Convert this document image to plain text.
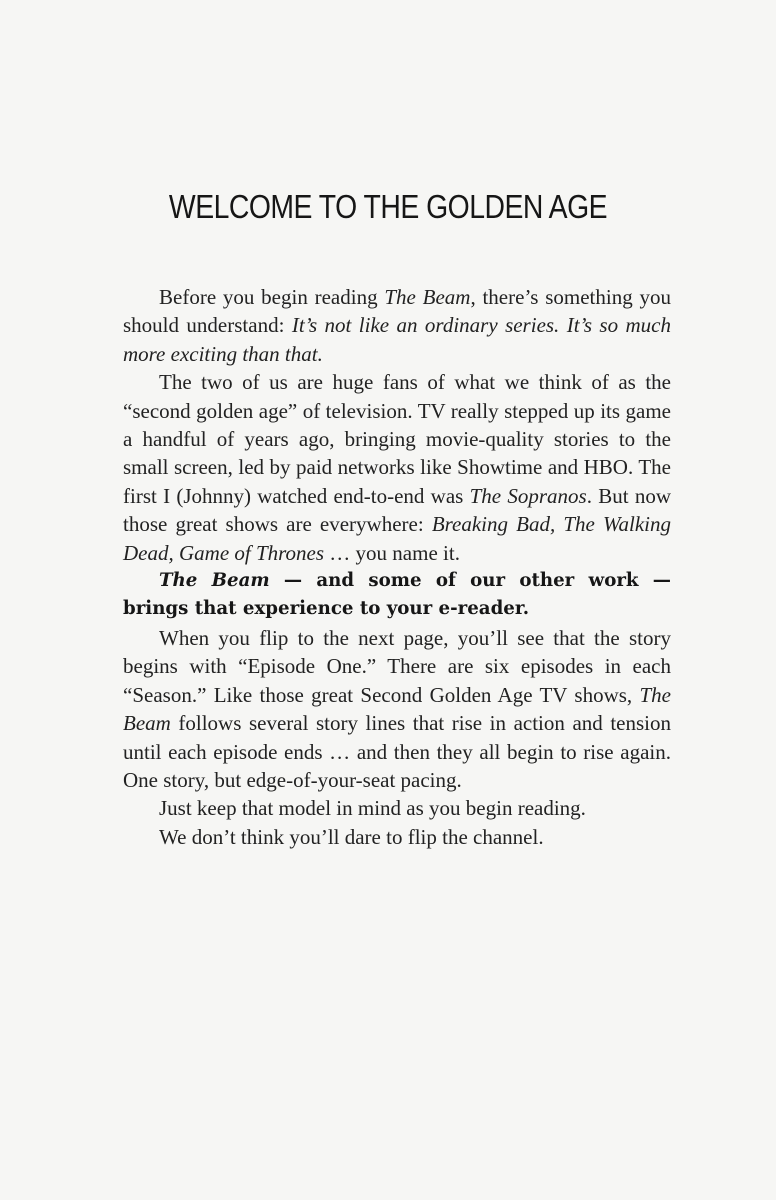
WELCOME TO THE GOLDEN AGE

Before you begin reading The Beam, there’s something you should understand: It’s not like an ordinary series. It’s so much more exciting than that.

The two of us are huge fans of what we think of as the “second golden age” of television. TV really stepped up its game a handful of years ago, bringing movie-quality stories to the small screen, led by paid networks like Showtime and HBO. The first I (Johnny) watched end-to-end was The Sopranos. But now those great shows are everywhere: Breaking Bad, The Walking Dead, Game of Thrones … you name it.

The Beam — and some of our other work — brings that experience to your e-reader.

When you flip to the next page, you’ll see that the story begins with “Episode One.” There are six episodes in each “Season.” Like those great Second Golden Age TV shows, The Beam follows several story lines that rise in action and tension until each episode ends … and then they all begin to rise again. One story, but edge-of-your-seat pacing.

Just keep that model in mind as you begin reading.

We don’t think you’ll dare to flip the channel.
